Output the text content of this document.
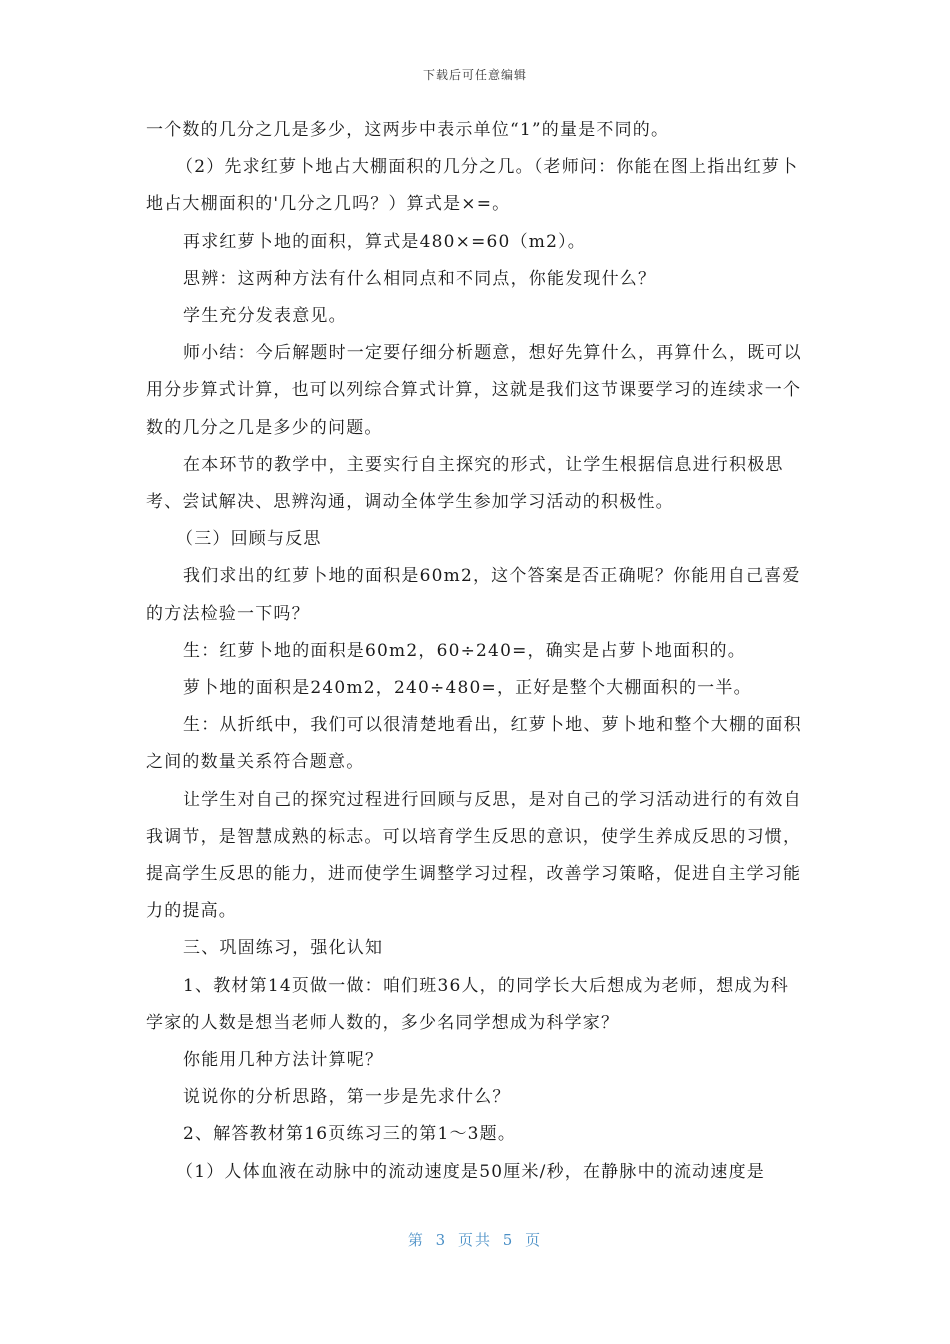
下载后可任意编辑

一个数的几分之几是多少，这两步中表示单位“1”的量是不同的。

（2）先求红萝卜地占大棚面积的几分之几。（老师问：你能在图上指出红萝卜地占大棚面积的'几分之几吗？）算式是×=。

再求红萝卜地的面积，算式是480×=60（m2）。

思辨：这两种方法有什么相同点和不同点，你能发现什么？

学生充分发表意见。

师小结：今后解题时一定要仔细分析题意，想好先算什么，再算什么，既可以用分步算式计算，也可以列综合算式计算，这就是我们这节课要学习的连续求一个数的几分之几是多少的问题。

在本环节的教学中，主要实行自主探究的形式，让学生根据信息进行积极思考、尝试解决、思辨沟通，调动全体学生参加学习活动的积极性。

（三）回顾与反思

我们求出的红萝卜地的面积是60m2，这个答案是否正确呢？你能用自己喜爱的方法检验一下吗？

生：红萝卜地的面积是60m2，60÷240=，确实是占萝卜地面积的。

萝卜地的面积是240m2，240÷480=，正好是整个大棚面积的一半。

生：从折纸中，我们可以很清楚地看出，红萝卜地、萝卜地和整个大棚的面积之间的数量关系符合题意。

让学生对自己的探究过程进行回顾与反思，是对自己的学习活动进行的有效自我调节，是智慧成熟的标志。可以培育学生反思的意识，使学生养成反思的习惯，提高学生反思的能力，进而使学生调整学习过程，改善学习策略，促进自主学习能力的提高。

三、巩固练习，强化认知

1、教材第14页做一做：咱们班36人，的同学长大后想成为老师，想成为科学家的人数是想当老师人数的，多少名同学想成为科学家？

你能用几种方法计算呢？

说说你的分析思路，第一步是先求什么？

2、解答教材第16页练习三的第1～3题。

（1）人体血液在动脉中的流动速度是50厘米/秒，在静脉中的流动速度是

第 3 页共 5 页
